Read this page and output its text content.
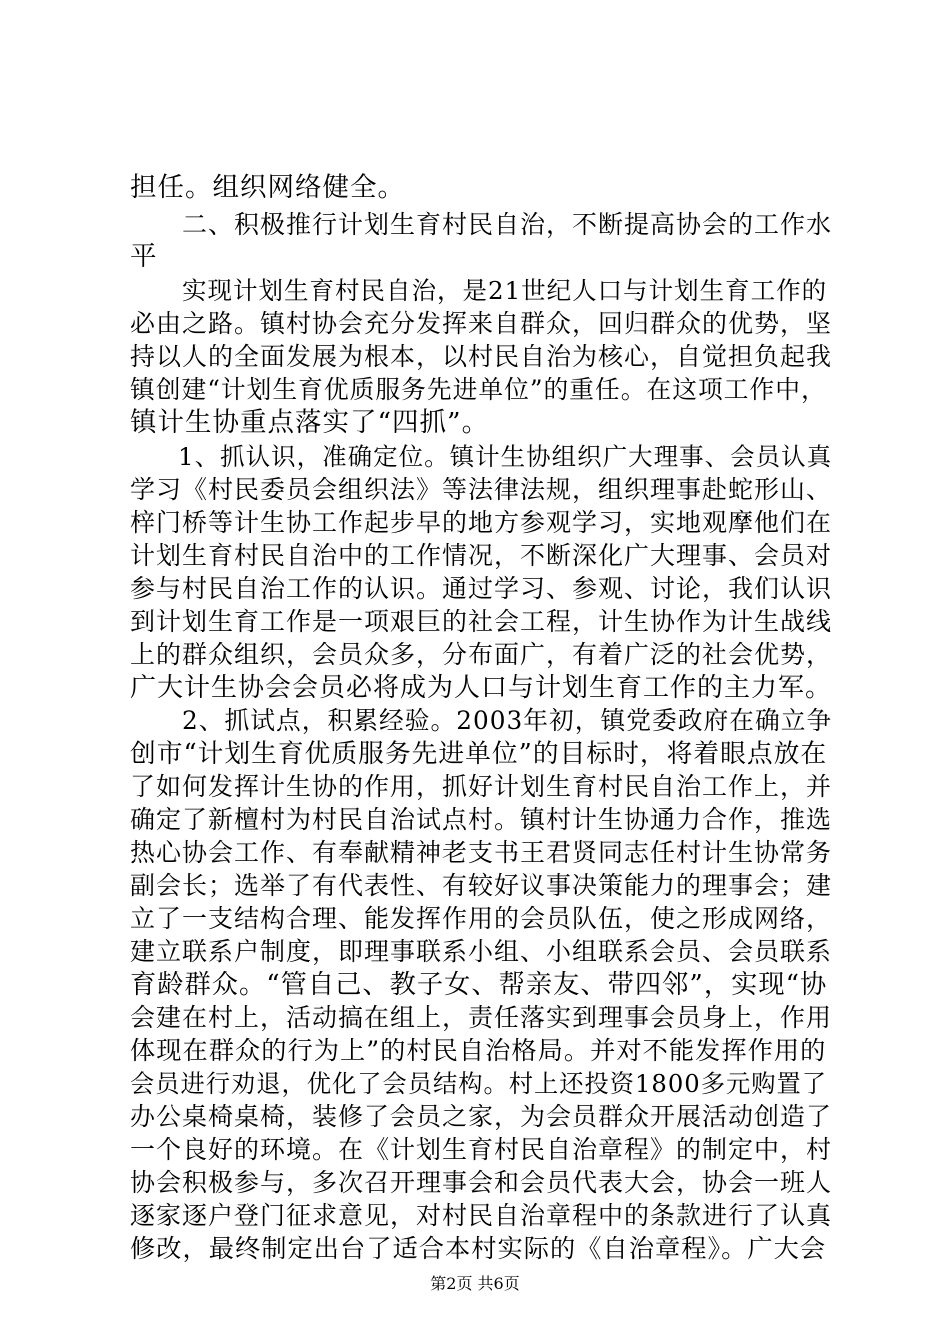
担任。组织网络健全。
二、积极推行计划生育村民自治，不断提高协会的工作水
平
实现计划生育村民自治，是21世纪人口与计划生育工作的
必由之路。镇村协会充分发挥来自群众，回归群众的优势，坚
持以人的全面发展为根本，以村民自治为核心，自觉担负起我
镇创建“计划生育优质服务先进单位”的重任。在这项工作中，
镇计生协重点落实了“四抓”。
1、抓认识，准确定位。镇计生协组织广大理事、会员认真
学习《村民委员会组织法》等法律法规，组织理事赴蛇形山、
梓门桥等计生协工作起步早的地方参观学习，实地观摩他们在
计划生育村民自治中的工作情况，不断深化广大理事、会员对
参与村民自治工作的认识。通过学习、参观、讨论，我们认识
到计划生育工作是一项艰巨的社会工程，计生协作为计生战线
上的群众组织，会员众多，分布面广，有着广泛的社会优势，
广大计生协会会员必将成为人口与计划生育工作的主力军。
2、抓试点，积累经验。2003年初，镇党委政府在确立争
创市“计划生育优质服务先进单位”的目标时，将着眼点放在
了如何发挥计生协的作用，抓好计划生育村民自治工作上，并
确定了新檀村为村民自治试点村。镇村计生协通力合作，推选
热心协会工作、有奉献精神老支书王君贤同志任村计生协常务
副会长；选举了有代表性、有较好议事决策能力的理事会；建
立了一支结构合理、能发挥作用的会员队伍，使之形成网络，
建立联系户制度，即理事联系小组、小组联系会员、会员联系
育龄群众。“管自己、教子女、帮亲友、带四邻”，实现“协
会建在村上，活动搞在组上，责任落实到理事会员身上，作用
体现在群众的行为上”的村民自治格局。并对不能发挥作用的
会员进行劝退，优化了会员结构。村上还投资1800多元购置了
办公桌椅桌椅，装修了会员之家，为会员群众开展活动创造了
一个良好的环境。在《计划生育村民自治章程》的制定中，村
协会积极参与，多次召开理事会和会员代表大会，协会一班人
逐家逐户登门征求意见，对村民自治章程中的条款进行了认真
修改，最终制定出台了适合本村实际的《自治章程》。广大会
第2页 共6页
